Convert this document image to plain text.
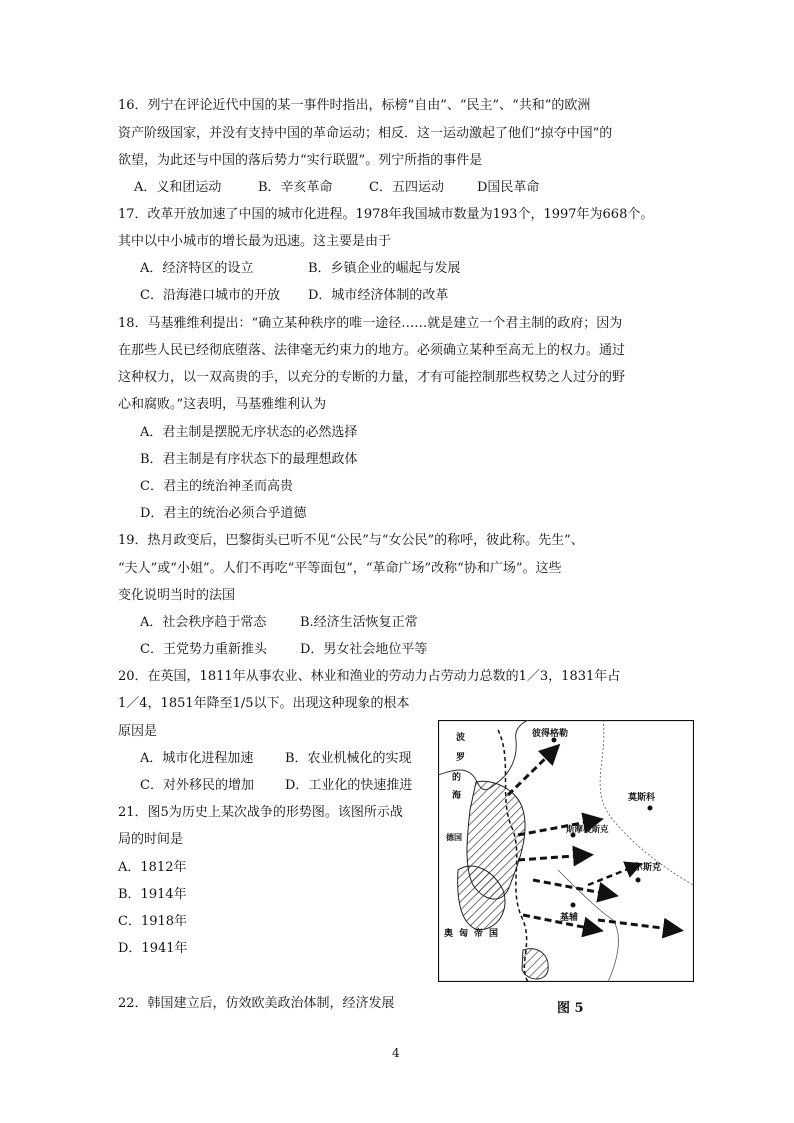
16．列宁在评论近代中国的某一事件时指出，标榜“自由”、“民主”、“共和”的欧洲
资产阶级国家，并没有支持中国的革命运动；相反．这一运动激起了他们“掠夺中国”的
欲望，为此还与中国的落后势力“实行联盟”。列宁所指的事件是
A．义和团运动	B．辛亥革命	C．五四运动	D国民革命
17．改革开放加速了中国的城市化进程。1978年我国城市数量为193个，1997年为668个。
其中以中小城市的增长最为迅速。这主要是由于
A．经济特区的设立	B．乡镇企业的崛起与发展
C．沿海港口城市的开放 D．城市经济体制的改革
18．马基雅维利提出：“确立某种秩序的唯一途径……就是建立一个君主制的政府；因为
在那些人民已经彻底堕落、法律毫无约束力的地方。必须确立某种至高无上的权力。通过
这种权力，以一双高贵的手，以充分的专断的力量，才有可能控制那些权势之人过分的野
心和腐败。”这表明，马基雅维利认为
A．君主制是摆脱无序状态的必然选择
B．君主制是有序状态下的最理想政体
C．君主的统治神圣而高贵
D．君主的统治必须合乎道德
19．热月政变后，巴黎街头已听不见“公民”与“女公民”的称呼，彼此称。先生”、
“夫人”或“小姐”。人们不再吃“平等面包”，“革命广场”改称“协和广场”。这些
变化说明当时的法国
A．社会秩序趋于常态	B.经济生活恢复正常
C．王党势力重新推头	D．男女社会地位平等
20．在英国，1811年从事农业、林业和渔业的劳动力占劳动力总数的1／3，1831年占
1／4，1851年降至1/5以下。出现这种现象的根本
原因是
A．城市化进程加速 B．农业机械化的实现
C．对外移民的增加 D．工业化的快速推进
21．图5为历史上某次战争的形势图。该图所示战
局的时间是
A．1812年
B．1914年
C．1918年
D．1941年
22．韩国建立后，仿效欧美政治体制，经济发展
波
罗
的
海
彼得格勒
莫斯科
斯摩棱斯克
库尔斯克
基辅
德国
奥匈帝国
图 5
4
